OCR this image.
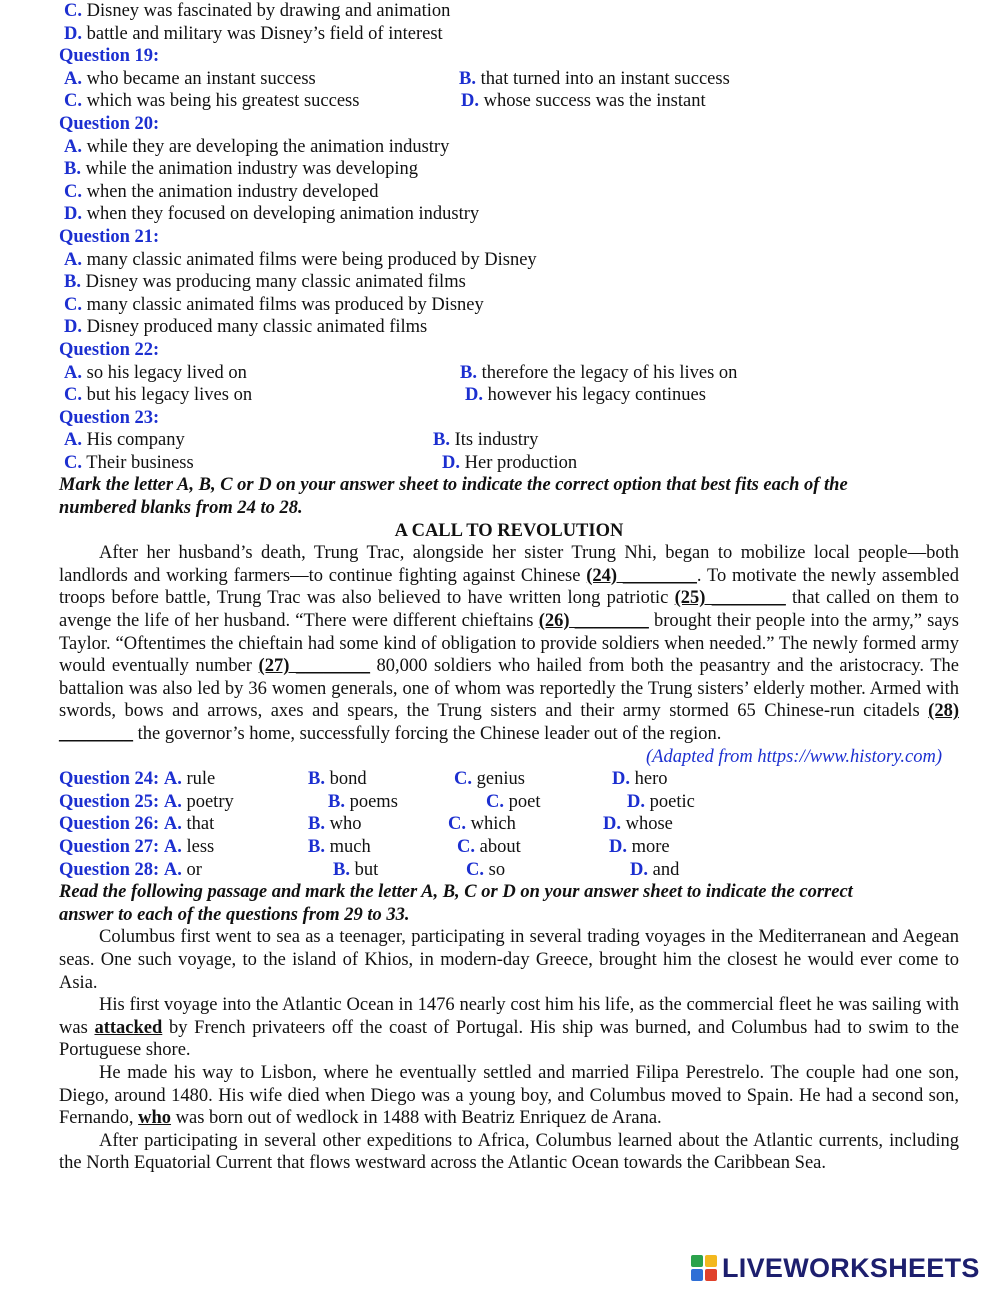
C. Disney was fascinated by drawing and animation
D. battle and military was Disney’s field of interest
Question 19:
A. who became an instant success	B. that turned into an instant success
C. which was being his greatest success	D. whose success was the instant
Question 20:
A. while they are developing the animation industry
B. while the animation industry was developing
C. when the animation industry developed
D. when they focused on developing animation industry
Question 21:
A. many classic animated films were being produced by Disney
B. Disney was producing many classic animated films
C. many classic animated films was produced by Disney
D. Disney produced many classic animated films
Question 22:
A. so his legacy lived on	B. therefore the legacy of his lives on
C. but his legacy lives on	D. however his legacy continues
Question 23:
A. His company	B. Its industry
C. Their business	D. Her production
Mark the letter A, B, C or D on your answer sheet to indicate the correct option that best fits each of the
numbered blanks from 24 to 28.
A CALL TO REVOLUTION

After her husband’s death, Trung Trac, alongside her sister Trung Nhi, began to mobilize local people—both landlords and working farmers—to continue fighting against Chinese (24) ________. To motivate the newly assembled troops before battle, Trung Trac was also believed to have written long patriotic (25) ________ that called on them to avenge the life of her husband. “There were different chieftains (26) ________ brought their people into the army,” says Taylor. “Oftentimes the chieftain had some kind of obligation to provide soldiers when needed.” The newly formed army would eventually number (27) ________ 80,000 soldiers who hailed from both the peasantry and the aristocracy. The battalion was also led by 36 women generals, one of whom was reportedly the Trung sisters’ elderly mother. Armed with swords, bows and arrows, axes and spears, the Trung sisters and their army stormed 65 Chinese-run citadels (28) ________ the governor’s home, successfully forcing the Chinese leader out of the region.

(Adapted from https://www.history.com)
Question 24: A. rule	B. bond	C. genius	D. hero
Question 25: A. poetry	B. poems	C. poet	D. poetic
Question 26: A. that	B. who	C. which	D. whose
Question 27: A. less	B. much	C. about	D. more
Question 28: A. or	B. but	C. so	D. and
Read the following passage and mark the letter A, B, C or D on your answer sheet to indicate the correct
answer to each of the questions from 29 to 33.

Columbus first went to sea as a teenager, participating in several trading voyages in the Mediterranean and Aegean seas. One such voyage, to the island of Khios, in modern-day Greece, brought him the closest he would ever come to Asia.

His first voyage into the Atlantic Ocean in 1476 nearly cost him his life, as the commercial fleet he was sailing with was attacked by French privateers off the coast of Portugal. His ship was burned, and Columbus had to swim to the Portuguese shore.

He made his way to Lisbon, where he eventually settled and married Filipa Perestrelo. The couple had one son, Diego, around 1480. His wife died when Diego was a young boy, and Columbus moved to Spain. He had a second son, Fernando, who was born out of wedlock in 1488 with Beatriz Enriquez de Arana.

After participating in several other expeditions to Africa, Columbus learned about the Atlantic currents, including the North Equatorial Current that flows westward across the Atlantic Ocean towards the Caribbean Sea.

LIVEWORKSHEETS
